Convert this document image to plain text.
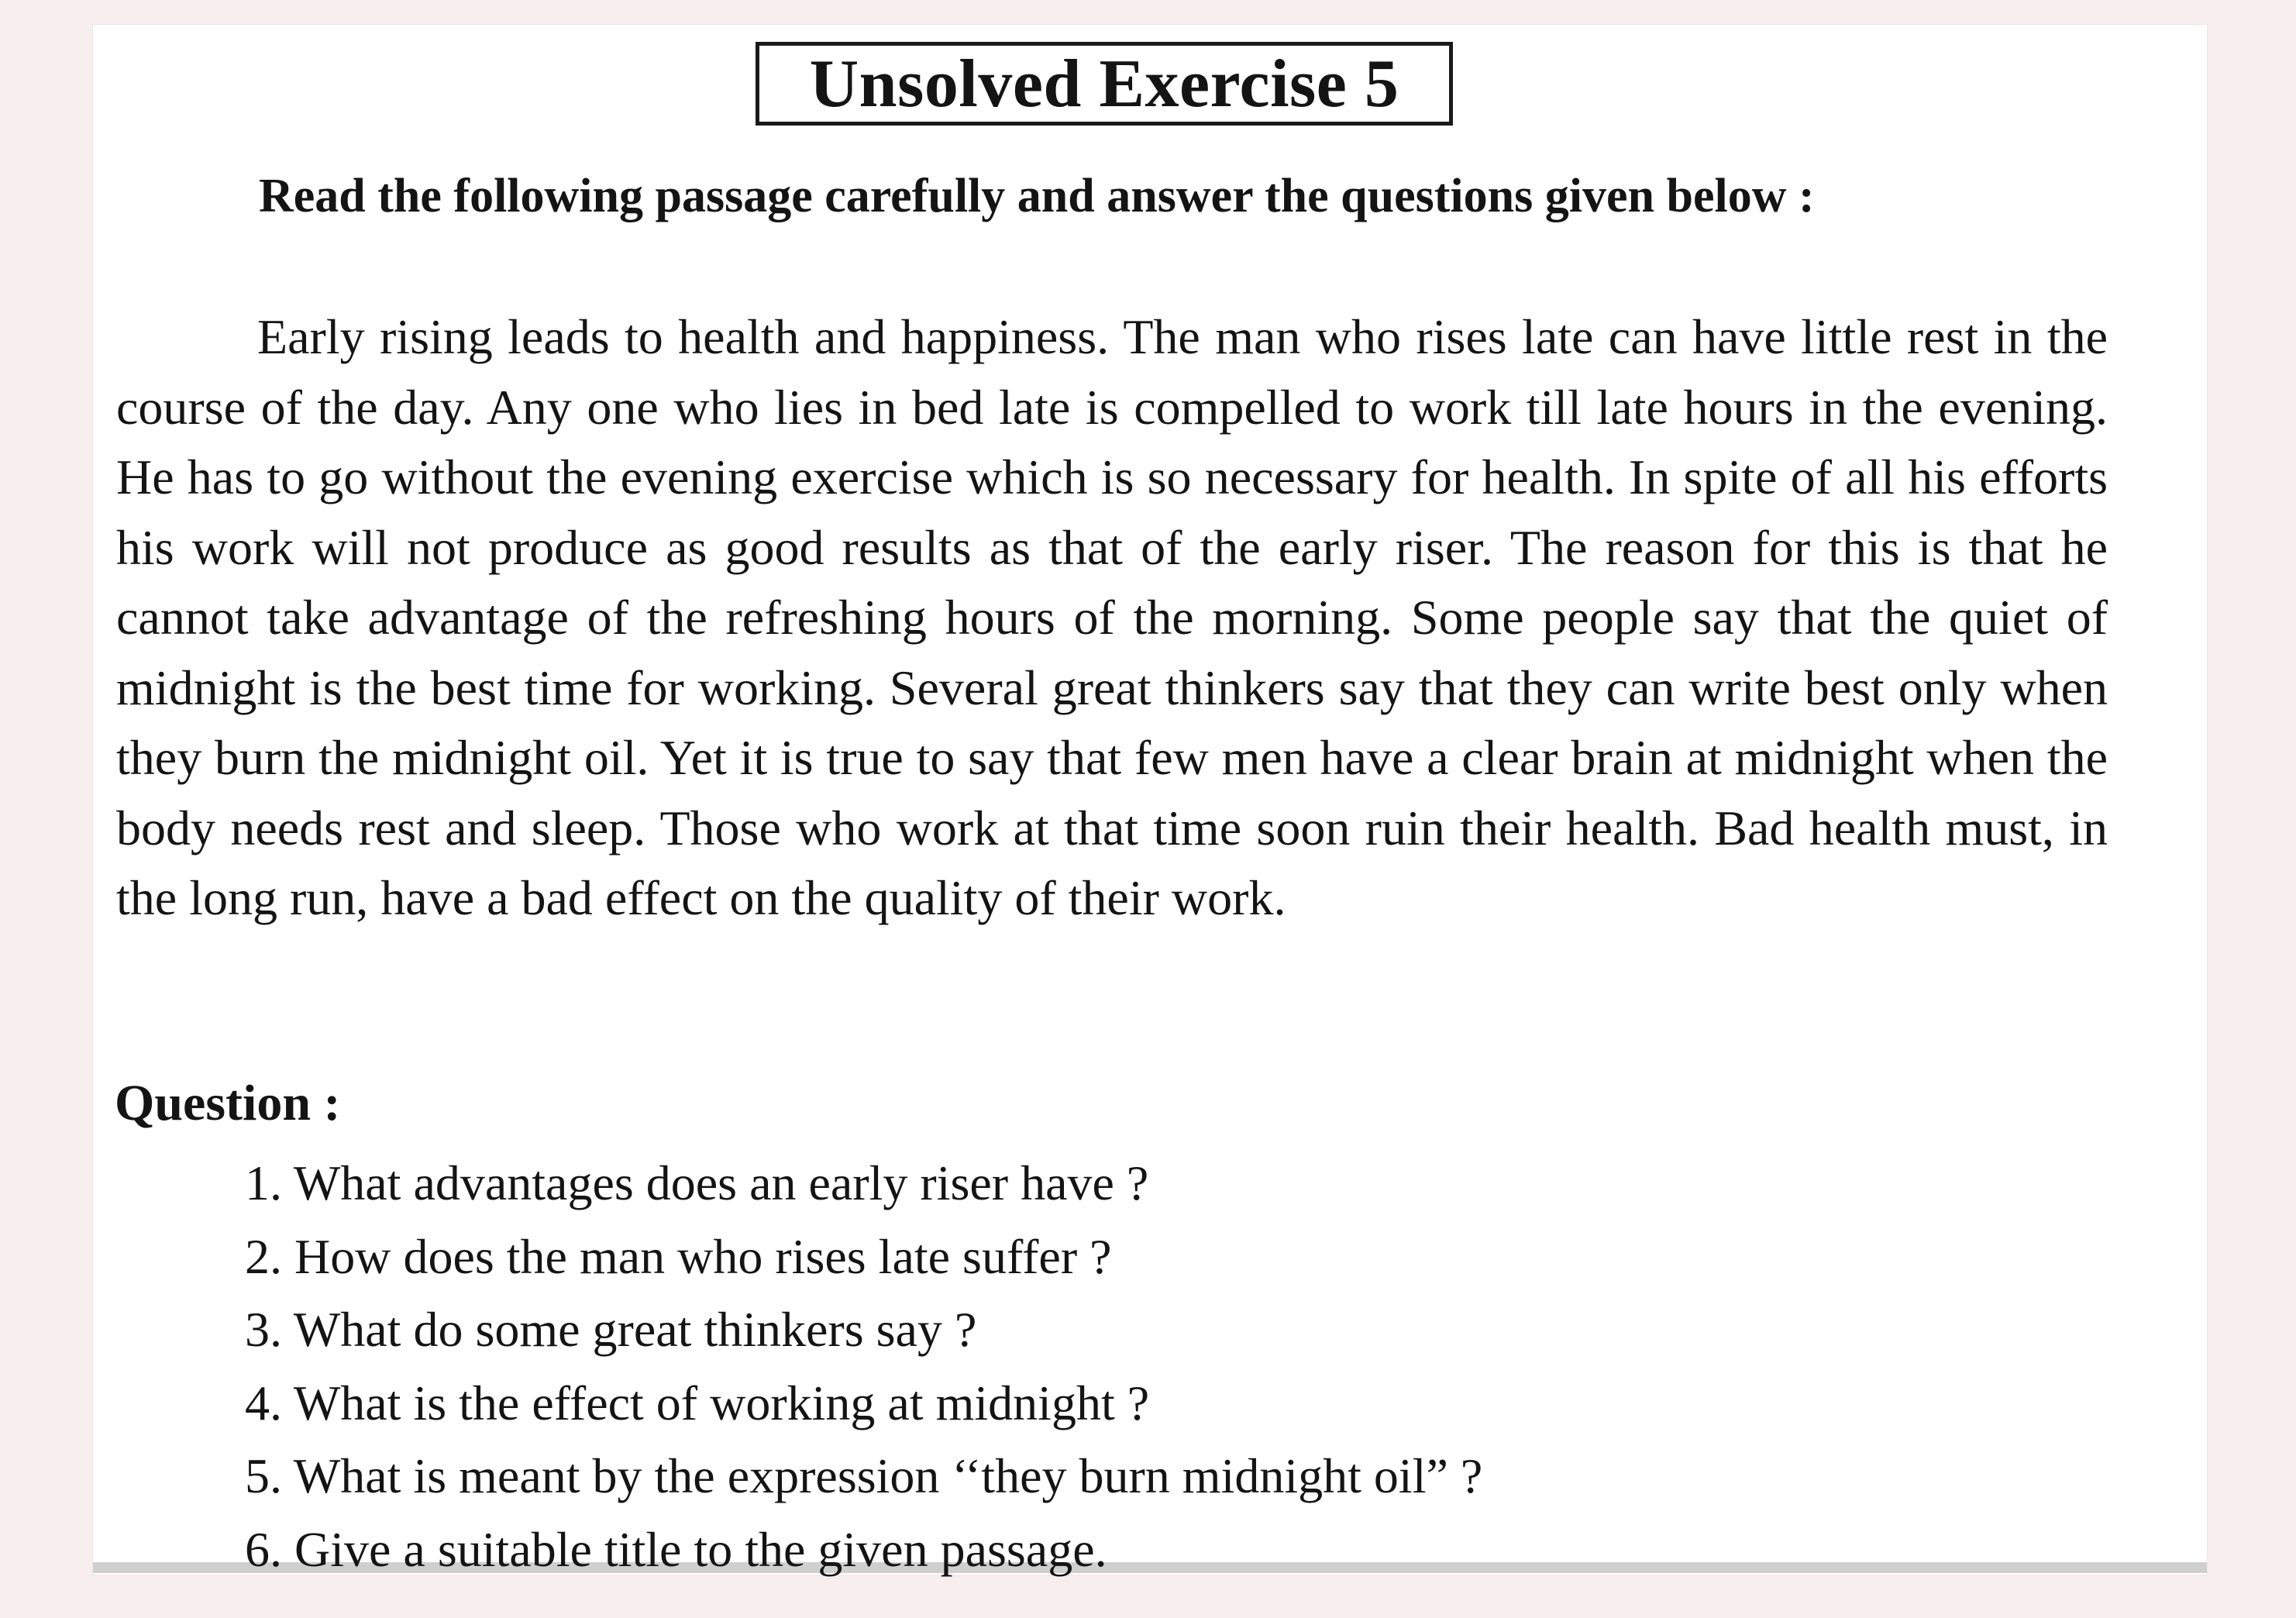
Unsolved Exercise 5

Read the following passage carefully and answer the questions given below :

Early rising leads to health and happiness. The man who rises late can have little rest in the course of the day. Any one who lies in bed late is compelled to work till late hours in the evening. He has to go without the evening exercise which is so necessary for health. In spite of all his efforts his work will not produce as good results as that of the early riser. The reason for this is that he cannot take advantage of the refreshing hours of the morning. Some people say that the quiet of midnight is the best time for working. Several great thinkers say that they can write best only when they burn the midnight oil. Yet it is true to say that few men have a clear brain at midnight when the body needs rest and sleep. Those who work at that time soon ruin their health. Bad health must, in the long run, have a bad effect on the quality of their work.

Question :

1. What advantages does an early riser have ?
2. How does the man who rises late suffer ?
3. What do some great thinkers say ?
4. What is the effect of working at midnight ?
5. What is meant by the expression ‘‘they burn midnight oil” ?
6. Give a suitable title to the given passage.
